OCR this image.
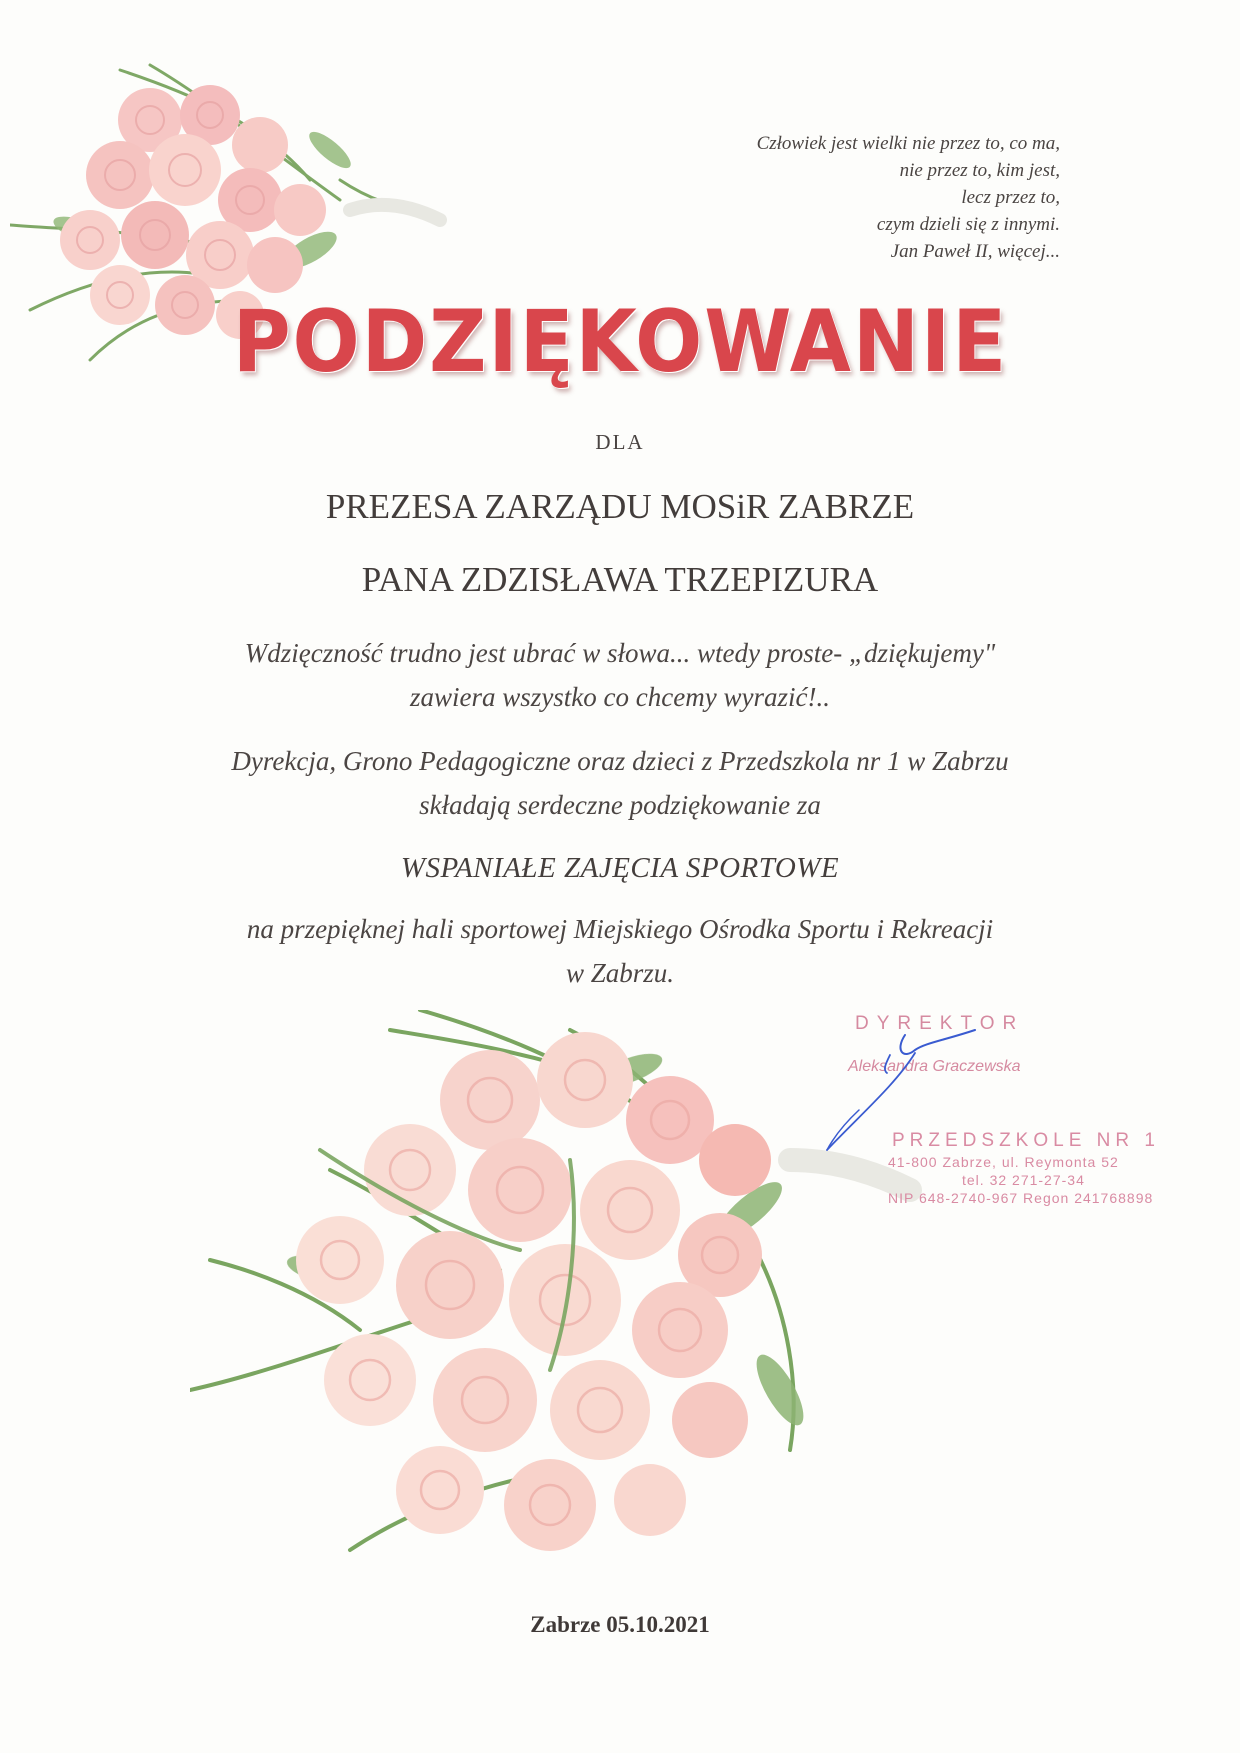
Człowiek jest wielki nie przez to, co ma,
nie przez to, kim jest,
lecz przez to,
czym dzieli się z innymi.
Jan Paweł II, więcej...
PODZIĘKOWANIE
DLA
PREZESA ZARZĄDU MOSiR ZABRZE
PANA ZDZISŁAWA TRZEPIZURA
Wdzięczność trudno jest ubrać w słowa... wtedy proste- „dziękujemy"
zawiera wszystko co chcemy wyrazić!..
Dyrekcja, Grono Pedagogiczne oraz dzieci z Przedszkola nr 1 w Zabrzu
składają serdeczne podziękowanie za
WSPANIAŁE ZAJĘCIA SPORTOWE
na przepięknej hali sportowej Miejskiego Ośrodka Sportu i Rekreacji
w Zabrzu.
DYREKTOR
Aleksandra Graczewska
PRZEDSZKOLE NR 1
41-800 Zabrze, ul. Reymonta 52
tel. 32 271-27-34
NIP 648-2740-967 Regon 241768898
Zabrze 05.10.2021
